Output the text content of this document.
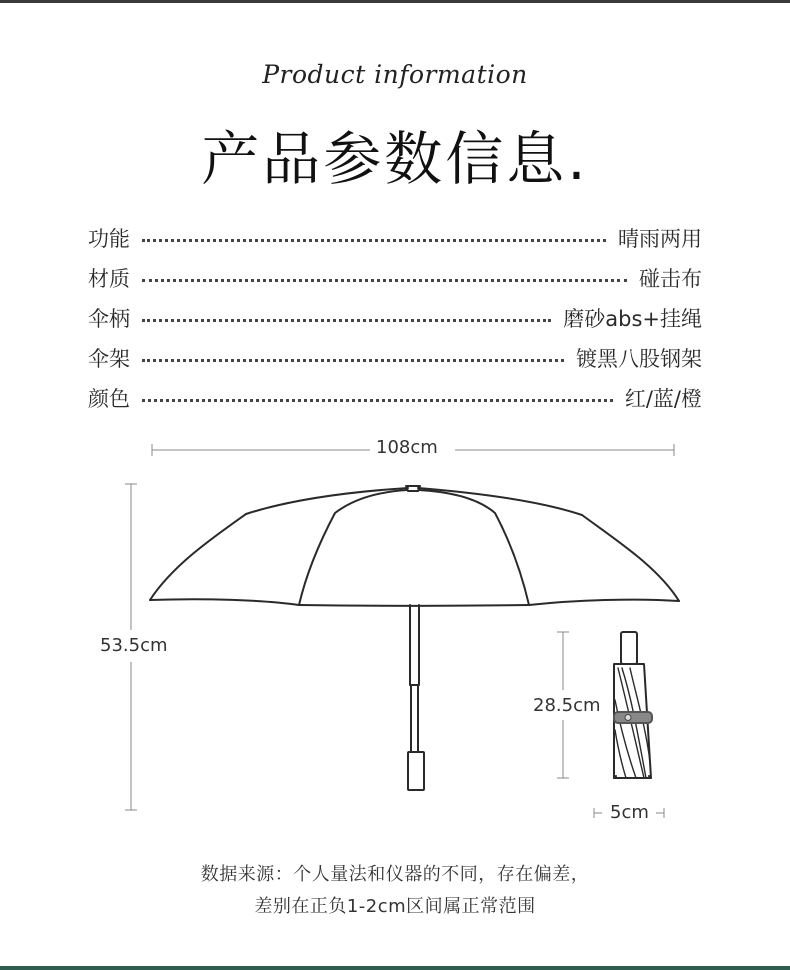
Product information
产品参数信息.
功能	晴雨两用
材质	碰击布
伞柄	磨砂abs+挂绳
伞架	镀黑八股钢架
颜色	红/蓝/橙
108cm
53.5cm
28.5cm
5cm
数据来源：个人量法和仪器的不同，存在偏差，
差别在正负1-2cm区间属正常范围
